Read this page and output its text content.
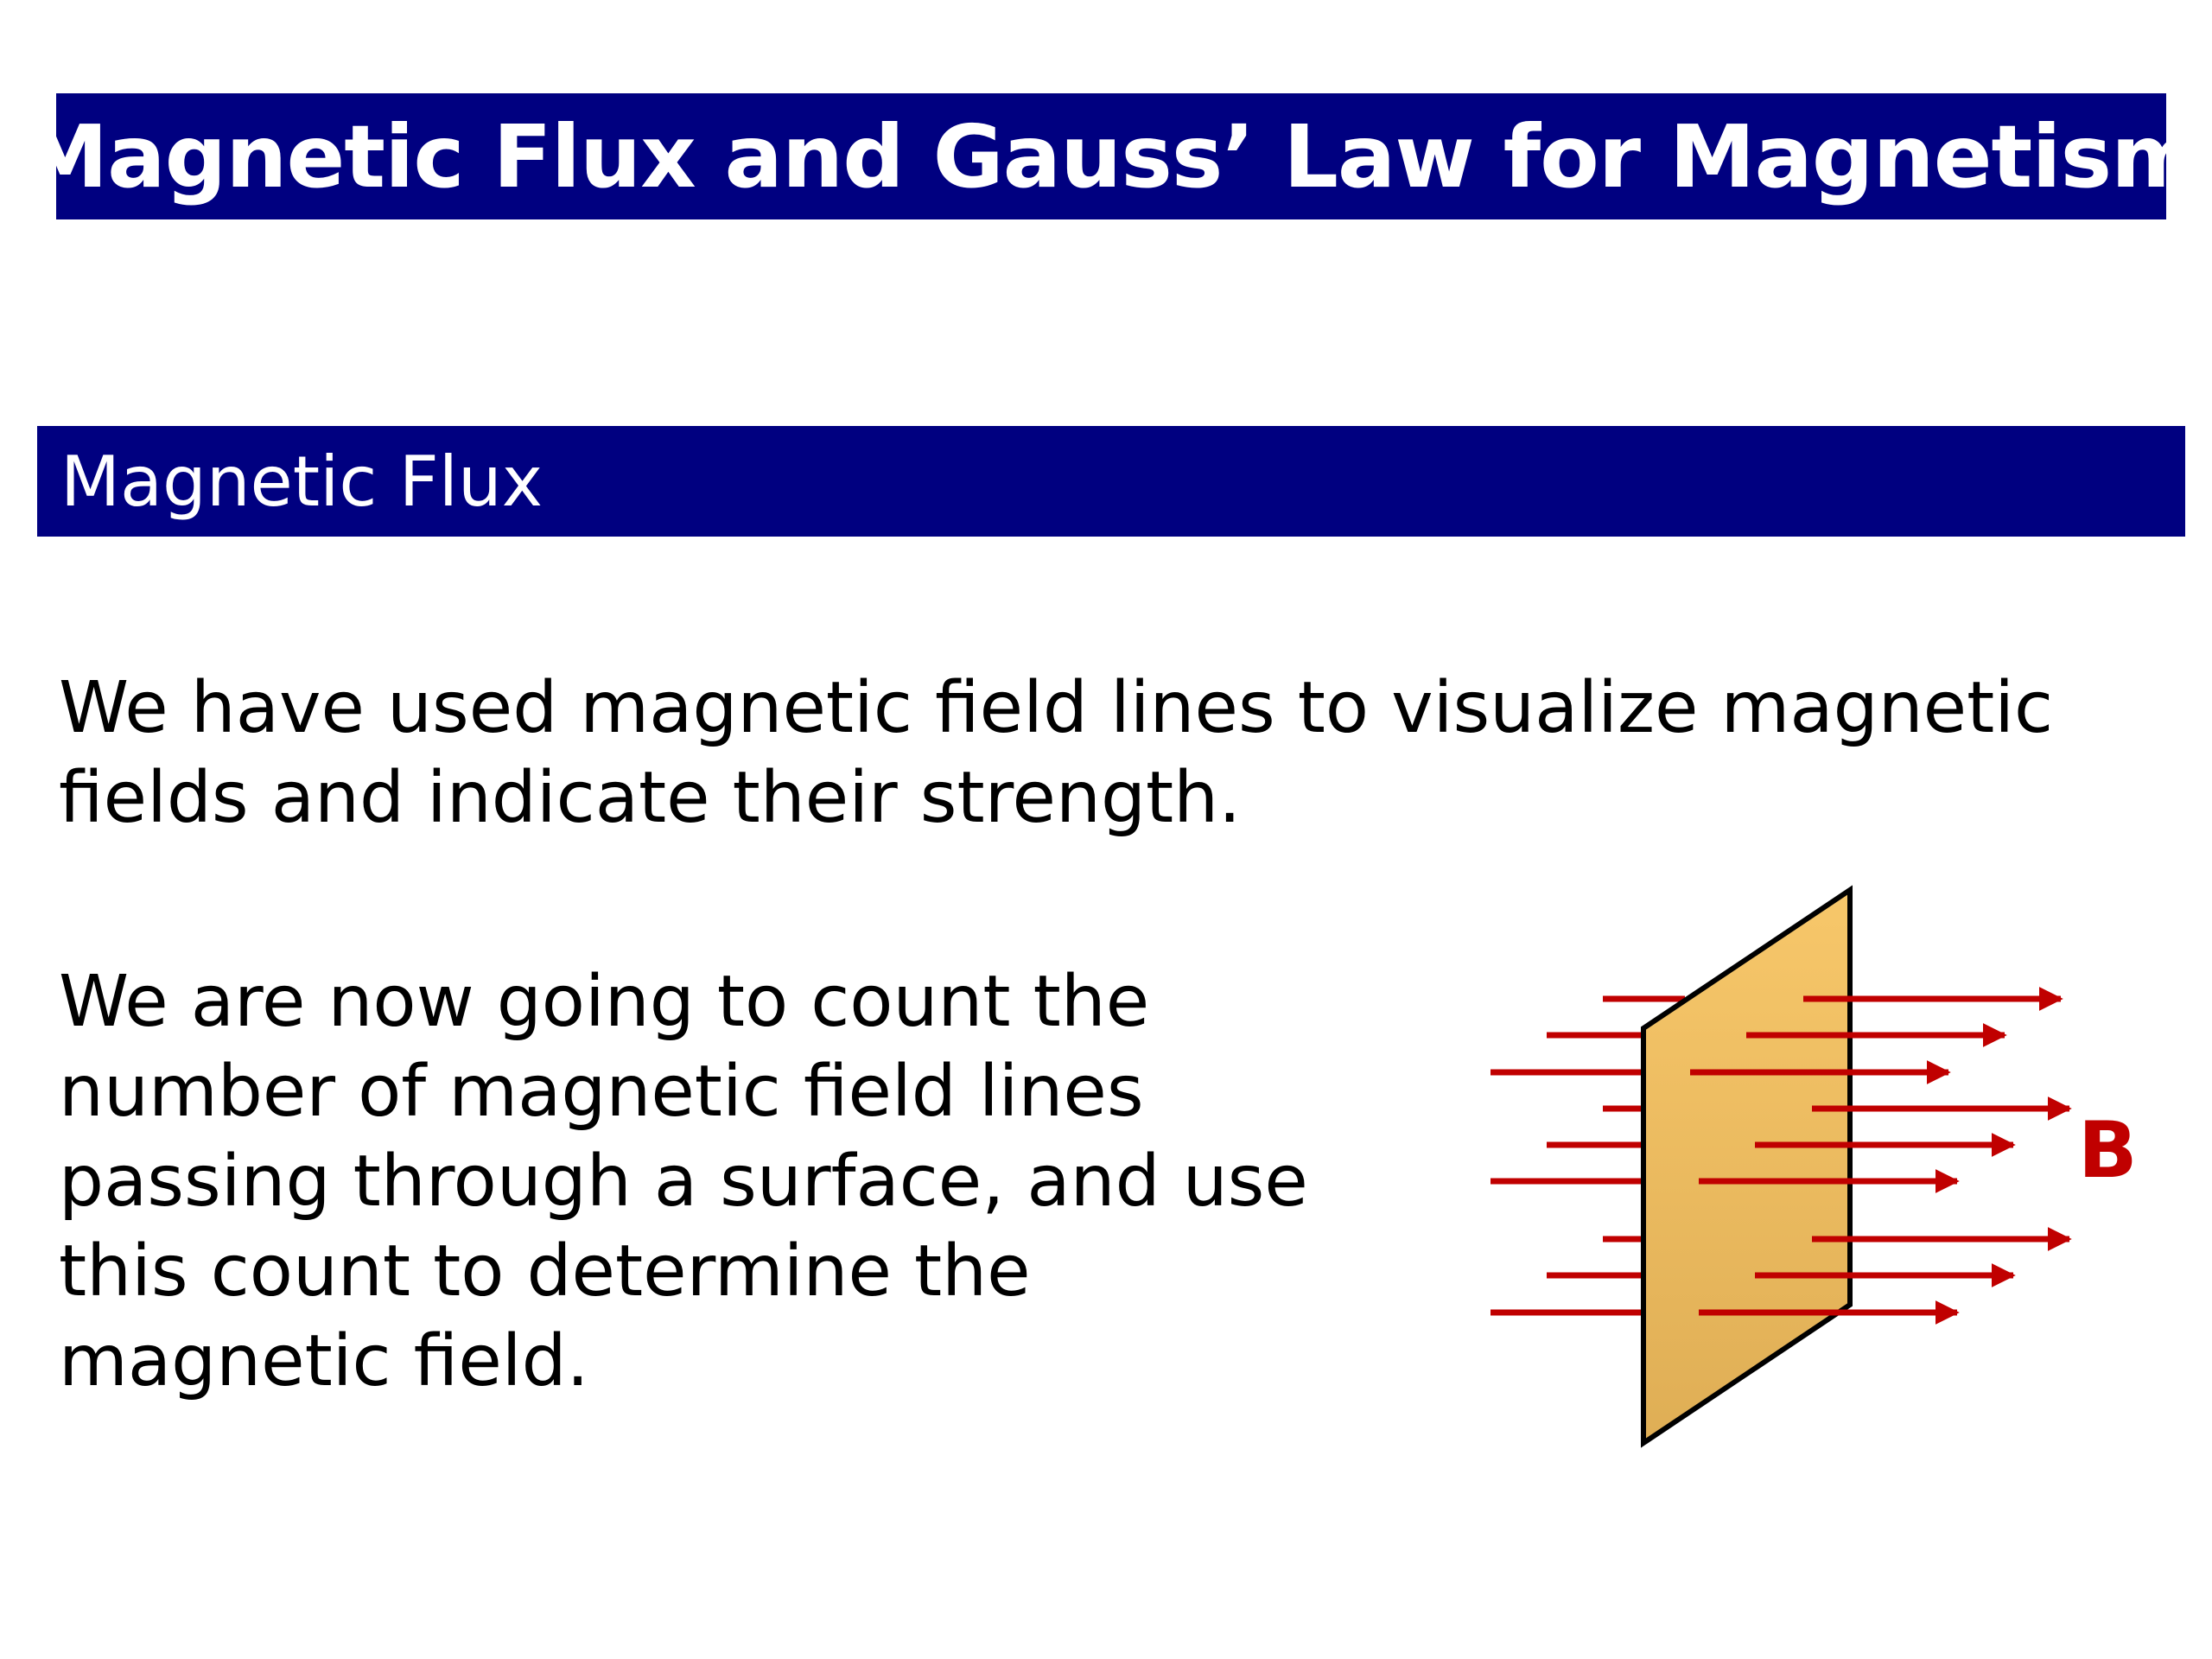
Magnetic Flux and Gauss’ Law for Magnetism
Magnetic Flux

We have used magnetic field lines to visualize magnetic fields and indicate their strength.

We are now going to count the number of magnetic field lines passing through a surface, and use this count to determine the magnetic field.

B
